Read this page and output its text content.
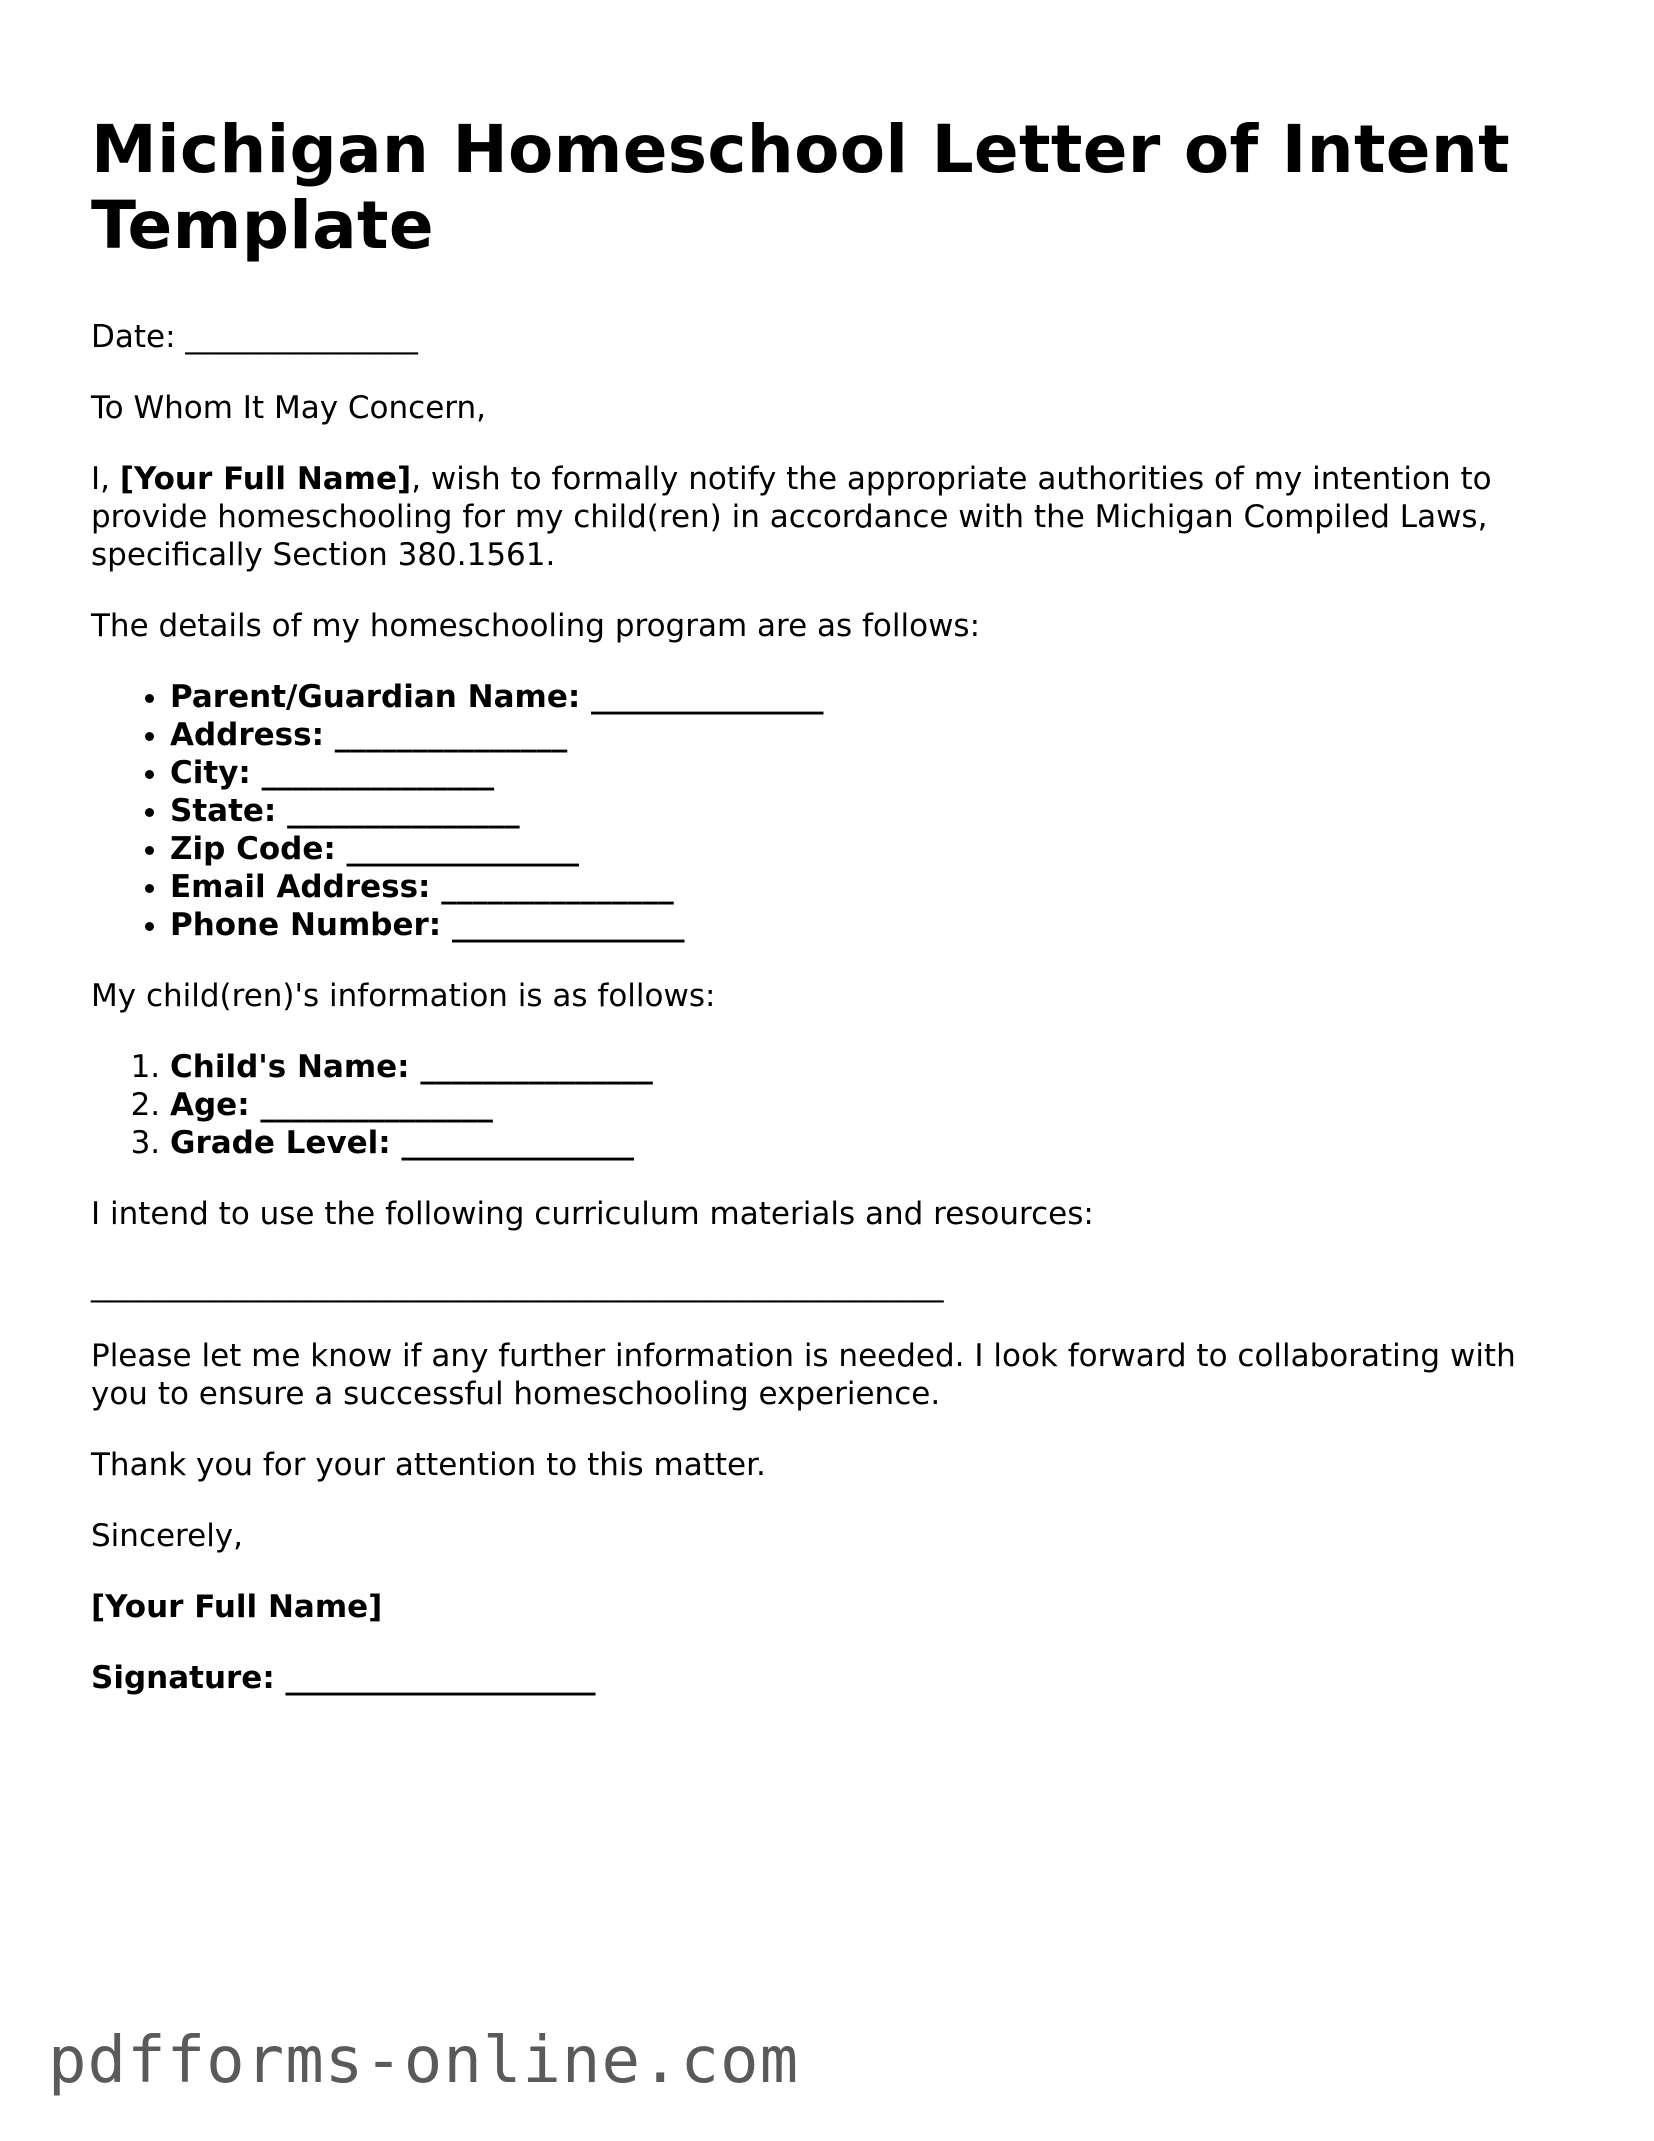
Michigan Homeschool Letter of Intent Template

Date: _______________

To Whom It May Concern,

I, [Your Full Name], wish to formally notify the appropriate authorities of my intention to provide homeschooling for my child(ren) in accordance with the Michigan Compiled Laws, specifically Section 380.1561.

The details of my homeschooling program are as follows:

• Parent/Guardian Name: _______________
• Address: _______________
• City: _______________
• State: _______________
• Zip Code: _______________
• Email Address: _______________
• Phone Number: _______________

My child(ren)'s information is as follows:

1. Child's Name: _______________
2. Age: _______________
3. Grade Level: _______________

I intend to use the following curriculum materials and resources:

_______________________________________________________

Please let me know if any further information is needed. I look forward to collaborating with you to ensure a successful homeschooling experience.

Thank you for your attention to this matter.

Sincerely,

[Your Full Name]

Signature: ____________________

pdfforms-online.com
